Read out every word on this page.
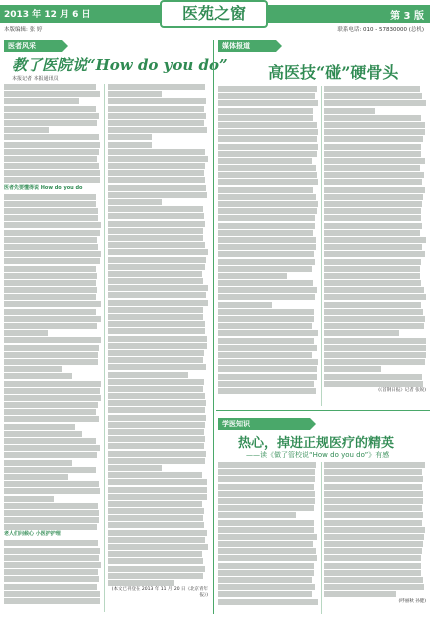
2013 年 12 月 6 日	医苑之窗	第 3 版
本版编辑: 张 婷	联系电话: 010 - 57830000 (总机)
医者风采
教了医院说“How do you do”
本报记者 本报通讯员
医者先要懂得说 How do you do
老人们问候心 小医护护理
(本文已刊登在 2013 年 11 月 20 日《北京青年报》)
媒体报道
高医技“碰”硬骨头
(《首钢日报》记者 张锐)
学医知识
热心，掉进正规医疗的精英
——读《做了管校说“How do you do”》有感
(呼丽秋 孙健)
